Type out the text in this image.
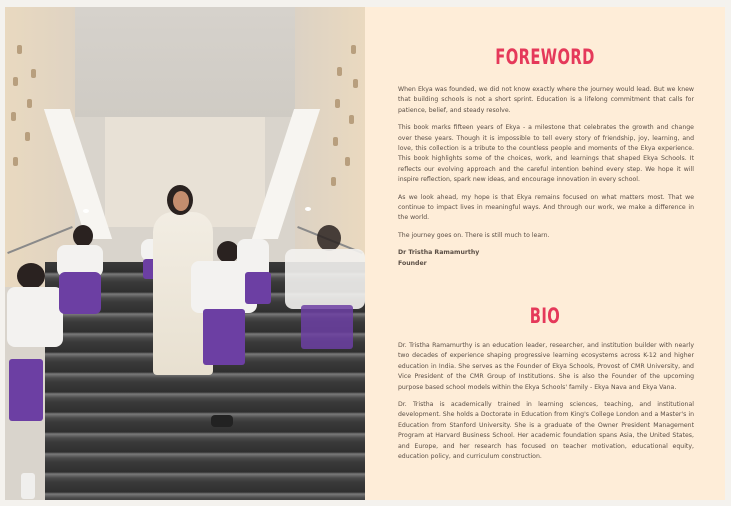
FOREWORD

When Ekya was founded, we did not know exactly where the journey would lead. But we knew that building schools is not a short sprint. Education is a lifelong commitment that calls for patience, belief, and steady resolve.

This book marks fifteen years of Ekya - a milestone that celebrates the growth and change over these years. Though it is impossible to tell every story of friendship, joy, learning, and love, this collection is a tribute to the countless people and moments of the Ekya experience. This book highlights some of the choices, work, and learnings that shaped Ekya Schools. It reflects our evolving approach and the careful intention behind every step. We hope it will inspire reflection, spark new ideas, and encourage innovation in every school.

As we look ahead, my hope is that Ekya remains focused on what matters most. That we continue to impact lives in meaningful ways. And through our work, we make a difference in the world.

The journey goes on. There is still much to learn.

Dr Tristha Ramamurthy
Founder
BIO

Dr. Tristha Ramamurthy is an education leader, researcher, and institution builder with nearly two decades of experience shaping progressive learning ecosystems across K-12 and higher education in India. She serves as the Founder of Ekya Schools, Provost of CMR University, and Vice President of the CMR Group of Institutions. She is also the Founder of the upcoming purpose based school models within the Ekya Schools' family - Ekya Nava and Ekya Vana.

Dr. Tristha is academically trained in learning sciences, teaching, and institutional development. She holds a Doctorate in Education from King's College London and a Master's in Education from Stanford University. She is a graduate of the Owner President Management Program at Harvard Business School. Her academic foundation spans Asia, the United States, and Europe, and her research has focused on teacher motivation, educational equity, education policy, and curriculum construction.
